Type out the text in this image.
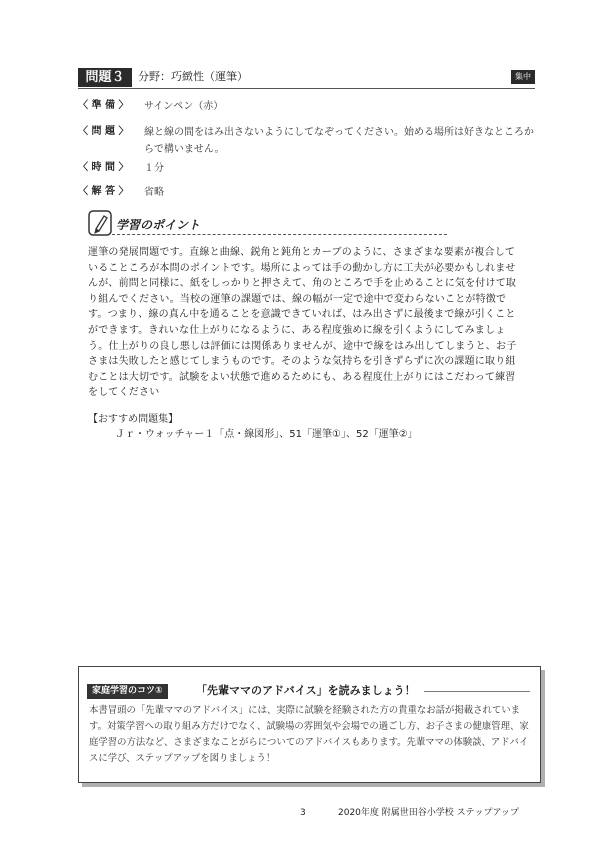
問題３	分野：巧緻性（運筆）	集中
〈 準 備 〉	サインペン（赤）
〈 問 題 〉	線と線の間をはみ出さないようにしてなぞってください。始める場所は好きなところからで構いません。
〈 時 間 〉	１分
〈 解 答 〉	省略
学習のポイント
運筆の発展問題です。直線と曲線、鋭角と鈍角とカーブのように、さまざまな要素が複合していることころが本問のポイントです。場所によっては手の動かし方に工夫が必要かもしれませんが、前問と同様に、紙をしっかりと押さえて、角のところで手を止めることに気を付けて取り組んでください。当校の運筆の課題では、線の幅が一定で途中で変わらないことが特徴です。つまり、線の真ん中を通ることを意識できていれば、はみ出さずに最後まで線が引くことができます。きれいな仕上がりになるように、ある程度強めに線を引くようにしてみましょう。仕上がりの良し悪しは評価には関係ありませんが、途中で線をはみ出してしまうと、お子さまは失敗したと感じてしまうものです。そのような気持ちを引きずらずに次の課題に取り組むことは大切です。試験をよい状態で進めるためにも、ある程度仕上がりにはこだわって練習をしてください
【おすすめ問題集】
Ｊｒ・ウォッチャー１「点・線図形」、51「運筆①」、52「運筆②」
家庭学習のコツ①	「先輩ママのアドバイス」を読みましょう！
本書冒頭の「先輩ママのアドバイス」には、実際に試験を経験された方の貴重なお話が掲載されています。対策学習への取り組み方だけでなく、試験場の雰囲気や会場での過ごし方、お子さまの健康管理、家庭学習の方法など、さまざまなことがらについてのアドバイスもあります。先輩ママの体験談、アドバイスに学び、ステップアップを図りましょう！
3	2020年度 附属世田谷小学校 ステップアップ
